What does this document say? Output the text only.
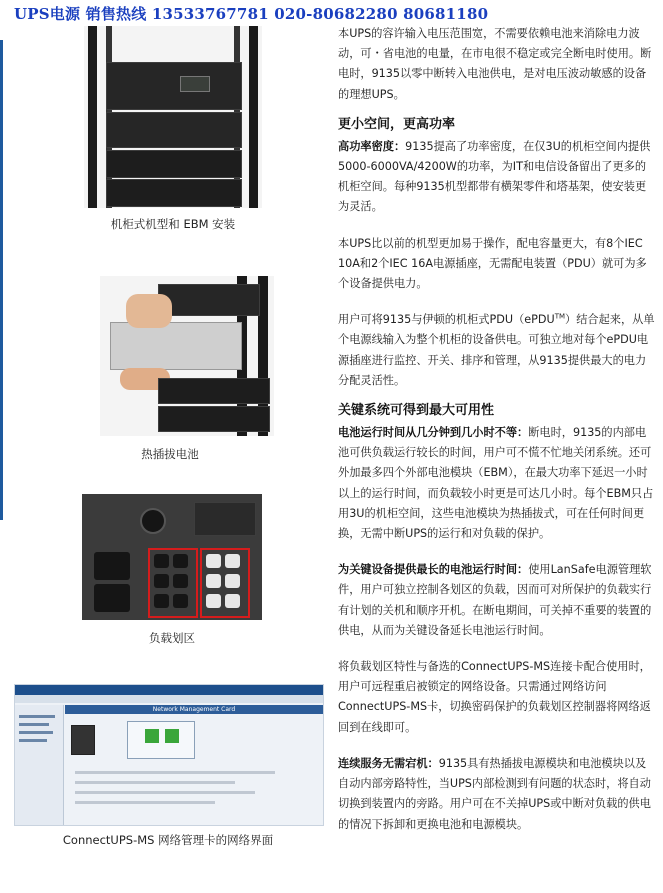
UPS电源 销售热线 13533767781 020-80682280 80681180
机柜式机型和 EBM 安装
热插拔电池
负载划区
Network Management Card
ConnectUPS-MS 网络管理卡的网络界面

本UPS的容许输入电压范围宽，不需要依赖电池来消除电力波动，可・省电池的电量，在市电很不稳定或完全断电时使用。断电时，9135以零中断转入电池供电，是对电压波动敏感的设备的理想UPS。

更小空间，更高功率

高功率密度：9135提高了功率密度，在仅3U的机柜空间内提供5000-6000VA/4200W的功率，为IT和电信设备留出了更多的机柜空间。每种9135机型都带有横架零件和塔基架，使安装更为灵活。

本UPS比以前的机型更加易于操作，配电容量更大，有8个IEC 10A和2个IEC 16A电源插座，无需配电装置（PDU）就可为多个设备提供电力。

用户可将9135与伊顿的机柜式PDU（ePDU™）结合起来，从单个电源线输入为整个机柜的设备供电。可独立地对每个ePDU电源插座进行监控、开关、排序和管理，从9135提供最大的电力分配灵活性。

关键系统可得到最大可用性

电池运行时间从几分钟到几小时不等：断电时，9135的内部电池可供负载运行较长的时间，用户可不慌不忙地关闭系统。还可外加最多四个外部电池模块（EBM），在最大功率下延迟一小时以上的运行时间，而负载较小时更是可达几小时。每个EBM只占用3U的机柜空间，这些电池模块为热插拔式，可在任何时间更换，无需中断UPS的运行和对负载的保护。

为关键设备提供最长的电池运行时间：使用LanSafe电源管理软件，用户可独立控制各划区的负载，因而可对所保护的负载实行有计划的关机和顺序开机。在断电期间，可关掉不重要的装置的供电，从而为关键设备延长电池运行时间。

将负载划区特性与备选的ConnectUPS-MS连接卡配合使用时，用户可远程重启被锁定的网络设备。只需通过网络访问ConnectUPS-MS卡，切换密码保护的负载划区控制器将网络返回到在线即可。

连续服务无需宕机：9135具有热插拔电源模块和电池模块以及自动内部旁路特性，当UPS内部检测到有问题的状态时，将自动切换到装置内的旁路。用户可在不关掉UPS或中断对负载的供电的情况下拆卸和更换电池和电源模块。
